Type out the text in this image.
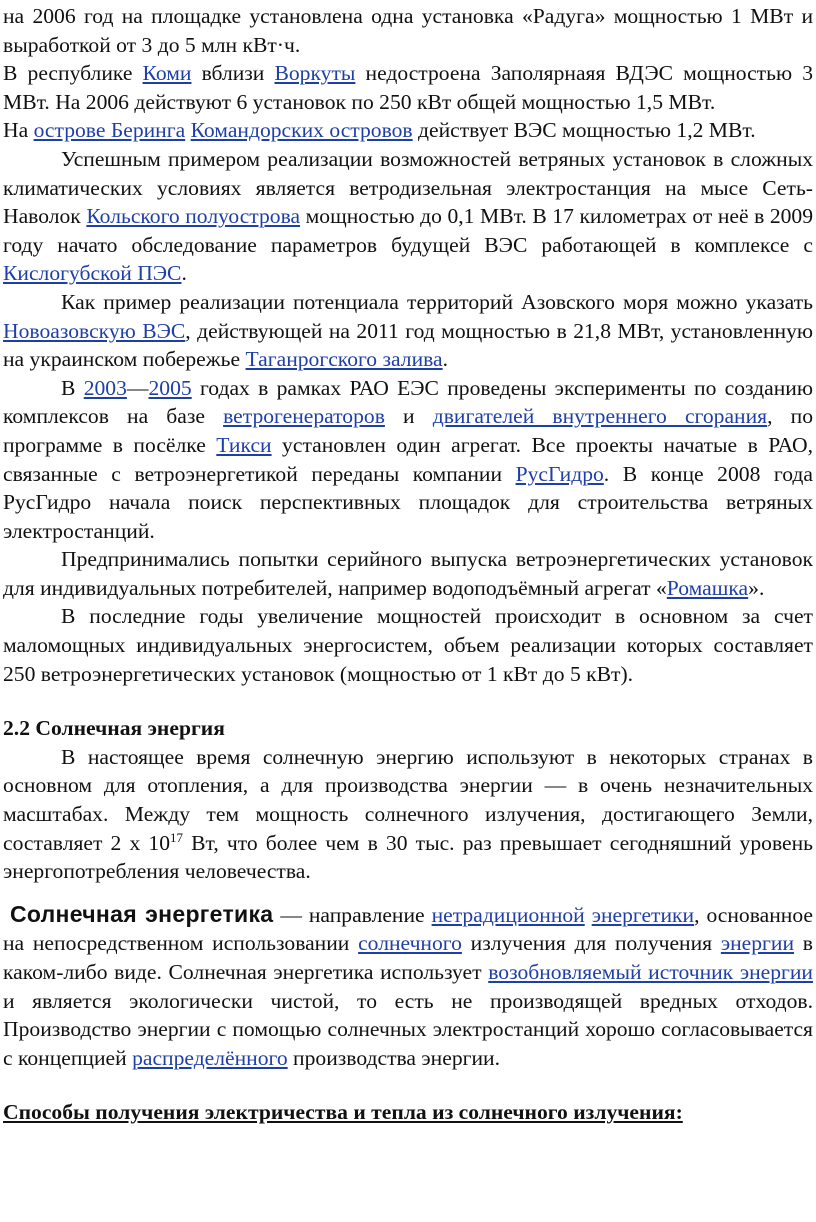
на 2006 год на площадке установлена одна установка «Радуга» мощностью 1 МВт и выработкой от 3 до 5 млн кВт·ч.

В республике Коми вблизи Воркуты недостроена Заполярнаяя ВДЭС мощностью 3 МВт. На 2006 действуют 6 установок по 250 кВт общей мощностью 1,5 МВт.

На острове Беринга Командорских островов действует ВЭС мощностью 1,2 МВт.

Успешным примером реализации возможностей ветряных установок в сложных климатических условиях является ветродизельная электростанция на мысе Сеть-Наволок Кольского полуострова мощностью до 0,1 МВт. В 17 километрах от неё в 2009 году начато обследование параметров будущей ВЭС работающей в комплексе с Кислогубской ПЭС.

Как пример реализации потенциала территорий Азовского моря можно указать Новоазовскую ВЭС, действующей на 2011 год мощностью в 21,8 МВт, установленную на украинском побережье Таганрогского залива.

В 2003—2005 годах в рамках РАО ЕЭС проведены эксперименты по созданию комплексов на базе ветрогенераторов и двигателей внутреннего сгорания, по программе в посёлке Тикси установлен один агрегат. Все проекты начатые в РАО, связанные с ветроэнергетикой переданы компании РусГидро. В конце 2008 года РусГидро начала поиск перспективных площадок для строительства ветряных электростанций.

Предпринимались попытки серийного выпуска ветроэнергетических установок для индивидуальных потребителей, например водоподъёмный агрегат «Ромашка».

В последние годы увеличение мощностей происходит в основном за счет маломощных индивидуальных энергосистем, объем реализации которых составляет 250 ветроэнергетических установок (мощностью от 1 кВт до 5 кВт).

2.2 Солнечная энергия

В настоящее время солнечную энергию используют в некоторых странах в основном для отопления, а для производства энергии — в очень незначительных масштабах. Между тем мощность солнечного излучения, достигающего Земли, составляет 2 х $10^{17}$ Вт, что более чем в 30 тыс. раз превышает сегодняшний уровень энергопотребления человечества.

Солнечная энергетика — направление нетрадиционной энергетики, основанное на непосредственном использовании солнечного излучения для получения энергии в каком-либо виде. Солнечная энергетика использует возобновляемый источник энергии и является экологически чистой, то есть не производящей вредных отходов. Производство энергии с помощью солнечных электростанций хорошо согласовывается с концепцией распределённого производства энергии.

Способы получения электричества и тепла из солнечного излучения:
